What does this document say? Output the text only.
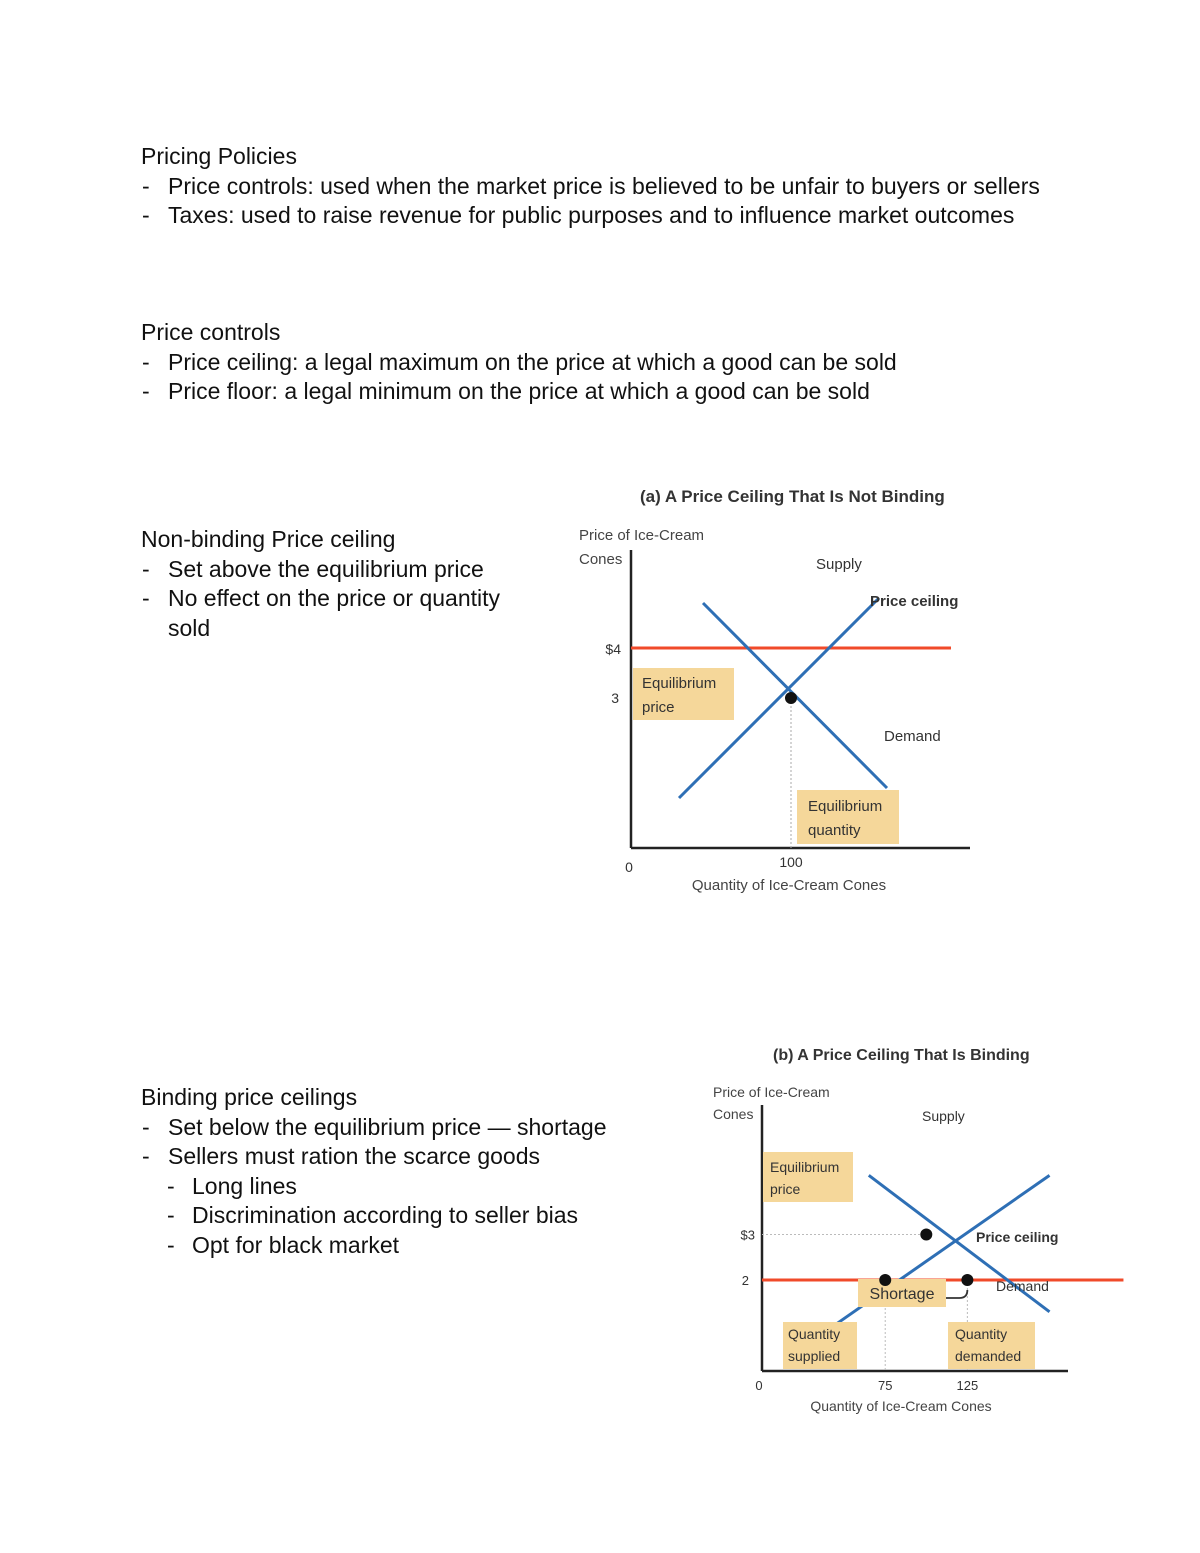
Pricing Policies
- Price controls: used when the market price is believed to be unfair to buyers or sellers
- Taxes: used to raise revenue for public purposes and to influence market outcomes
Price controls
- Price ceiling: a legal maximum on the price at which a good can be sold
- Price floor: a legal minimum on the price at which a good can be sold
Non-binding Price ceiling
- Set above the equilibrium price
- No effect on the price or quantity sold
Binding price ceilings
- Set below the equilibrium price — shortage
- Sellers must ration the scarce goods
- Long lines
- Discrimination according to seller bias
- Opt for black market
(a) A Price Ceiling That Is Not Binding
Price of Ice-Cream
Cones
0	100
$4
3
Supply
Price ceiling
Demand
Equilibrium
price
Equilibrium
quantity
Quantity of Ice-Cream Cones
(b) A Price Ceiling That Is Binding
Price of Ice-Cream
Cones
0	75	125
$3
2
Supply
Price ceiling
Demand
Equilibrium
price
Shortage
Quantity
supplied
Quantity
demanded
Quantity of Ice-Cream Cones
